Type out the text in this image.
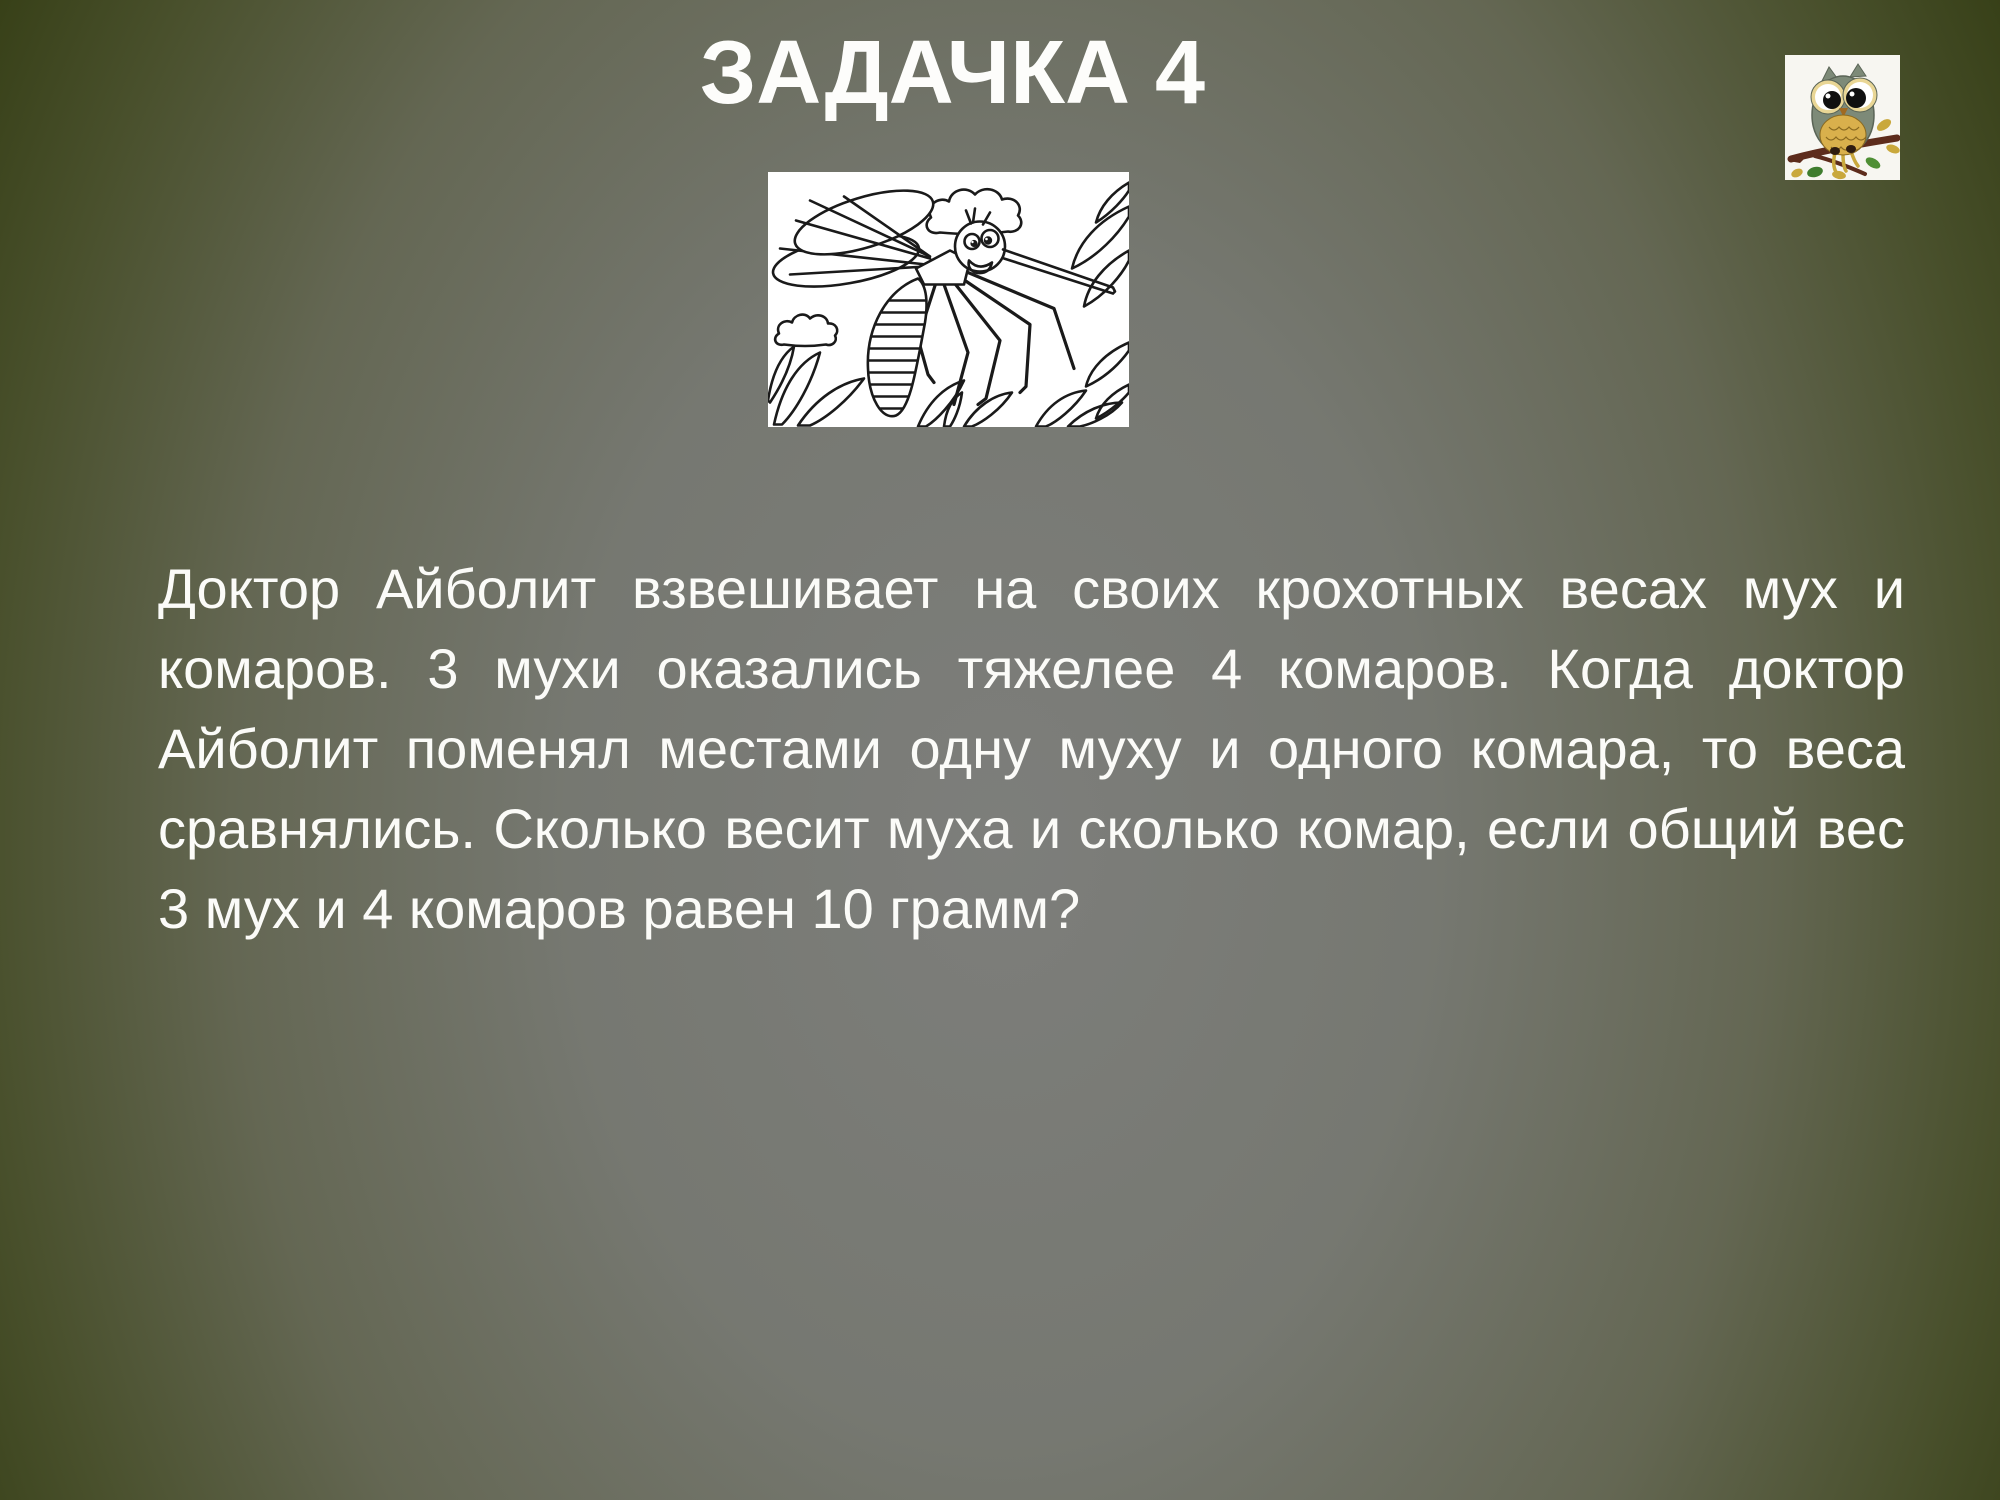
ЗАДАЧКА 4

Доктор Айболит взвешивает на своих крохотных весах мух и комаров. 3 мухи оказались тяжелее 4 комаров. Когда доктор Айболит поменял местами одну муху и одного комара, то веса сравнялись. Сколько весит муха и сколько комар, если общий вес 3 мух и 4 комаров равен 10 грамм?
